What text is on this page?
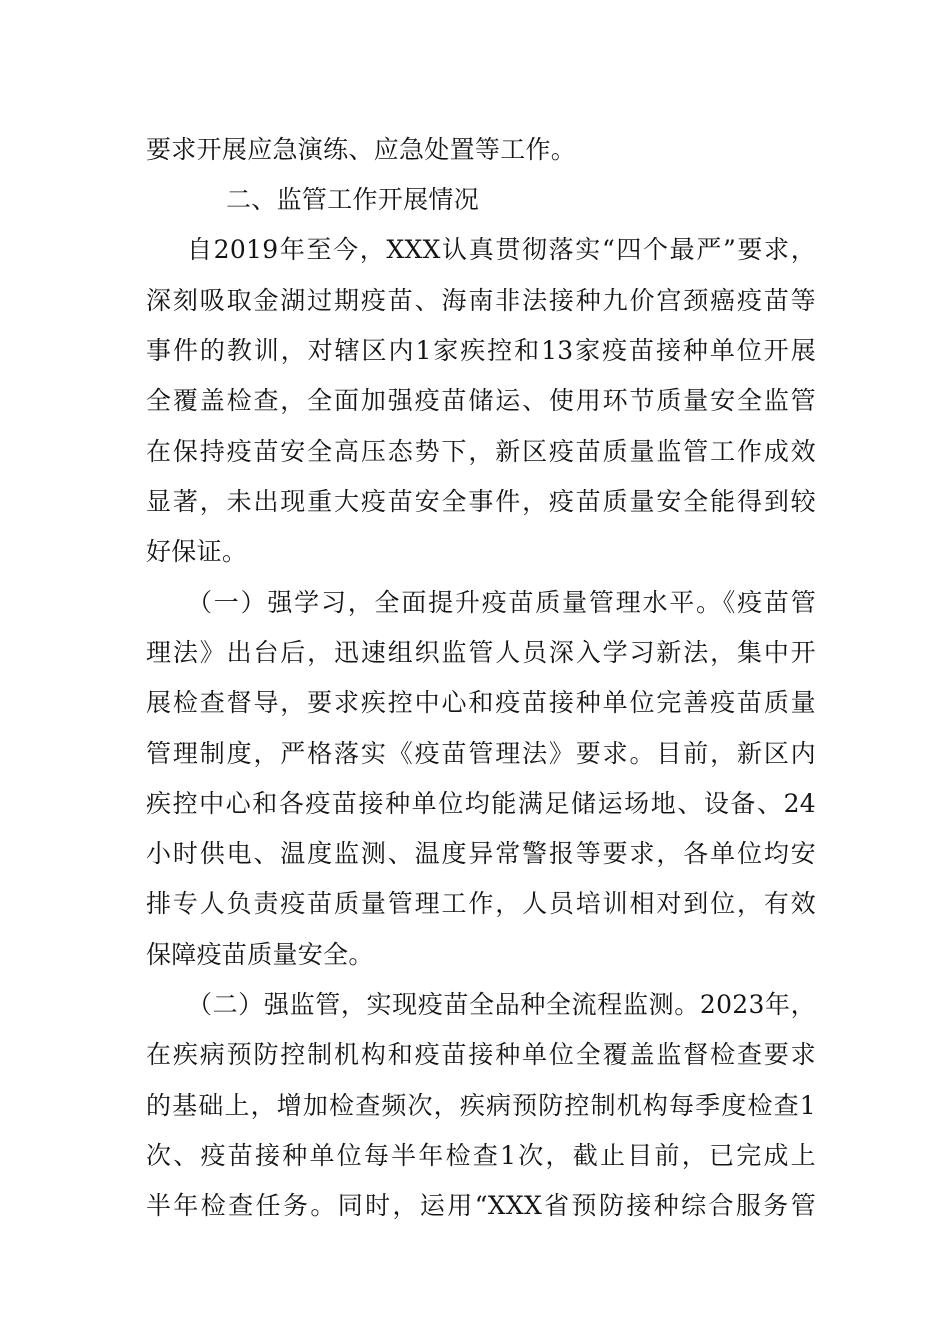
要求开展应急演练、应急处置等工作。
二、监管工作开展情况
自2019年至今，XXX认真贯彻落实“四个最严”要求，
深刻吸取金湖过期疫苗、海南非法接种九价宫颈癌疫苗等
事件的教训，对辖区内1家疾控和13家疫苗接种单位开展
全覆盖检查，全面加强疫苗储运、使用环节质量安全监管
在保持疫苗安全高压态势下，新区疫苗质量监管工作成效
显著，未出现重大疫苗安全事件，疫苗质量安全能得到较
好保证。
（一）强学习，全面提升疫苗质量管理水平。《疫苗管
理法》出台后，迅速组织监管人员深入学习新法，集中开
展检查督导，要求疾控中心和疫苗接种单位完善疫苗质量
管理制度，严格落实《疫苗管理法》要求。目前，新区内
疾控中心和各疫苗接种单位均能满足储运场地、设备、24
小时供电、温度监测、温度异常警报等要求，各单位均安
排专人负责疫苗质量管理工作，人员培训相对到位，有效
保障疫苗质量安全。
（二）强监管，实现疫苗全品种全流程监测。2023年，
在疾病预防控制机构和疫苗接种单位全覆盖监督检查要求
的基础上，增加检查频次，疾病预防控制机构每季度检查1
次、疫苗接种单位每半年检查1次，截止目前，已完成上
半年检查任务。同时，运用“XXX省预防接种综合服务管
